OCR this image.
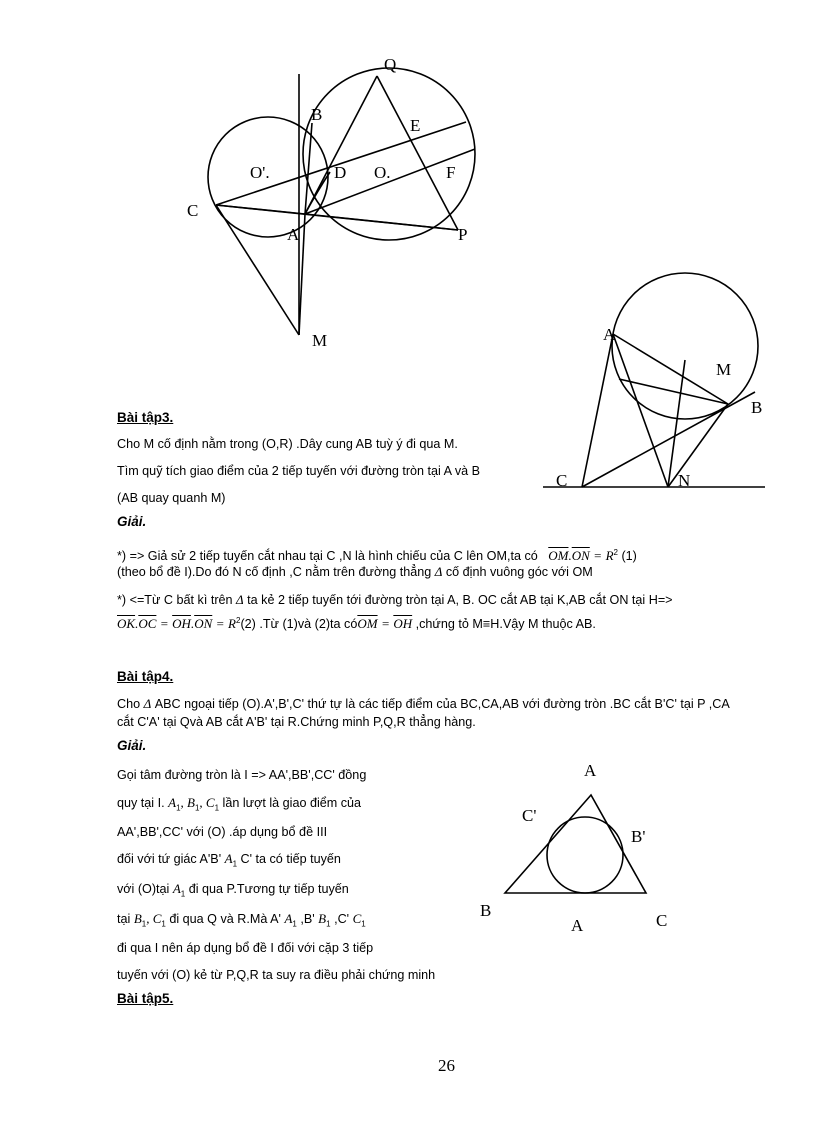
Q
B
E
O'.	D O.	F
C
A	P
M	A
M
B
C	N
A
C'
B'
B
A	C
Bài tập3.
Cho M cố định nằm trong (O,R) .Dây cung AB tuỳ ý đi qua M.
Tìm quỹ tích giao điểm của 2 tiếp tuyến với đường tròn tại A và B
(AB quay quanh M)
Giải.
*) => Giả sử 2 tiếp tuyến cắt nhau tại C ,N là hình chiếu của C lên OM,ta có $\overline{OM}.\overline{ON} = R^2$ (1)
(theo bổ đề I).Do đó N cố định ,C nằm trên đường thẳng Δ cố định vuông góc với OM
*) <=Từ C bất kì trên Δ ta kẻ 2 tiếp tuyến tới đường tròn tại A, B. OC cắt AB tại K,AB cắt ON tại H=>
$\overline{OK}.\overline{OC} = \overline{OH}.\overline{ON} = R^2(2)$ .Từ (1)và (2)ta $có\overline{OM} = \overline{OH}$ ,chứng tỏ M≡H.Vậy M thuộc AB.
Bài tập4.
Cho Δ ABC ngoại tiếp (O).A',B',C' thứ tự là các tiếp điểm của BC,CA,AB với đường tròn .BC cắt B'C' tại P ,CA
cắt C'A' tại Qvà AB cắt A'B' tại R.Chứng minh P,Q,R thẳng hàng.
Giải.
Gọi tâm đường tròn là I => AA',BB',CC' đồng
quy tại I. $A_1$, $B_1$, $C_1$ lần lượt là giao điểm của
AA',BB',CC' với (O) .áp dụng bổ đề III
đối với tứ giác A'B' $A_1$ C' ta có tiếp tuyến
với (O)tại $A_1$ đi qua P.Tương tự tiếp tuyến
tại $B_1$, $C_1$ đi qua Q và R.Mà A' $A_1$ ,B' $B_1$ ,C' $C_1$
đi qua I nên áp dụng bổ đề I đối với cặp 3 tiếp
tuyến với (O) kẻ từ P,Q,R ta suy ra điều phải chứng minh
Bài tập5.
26
